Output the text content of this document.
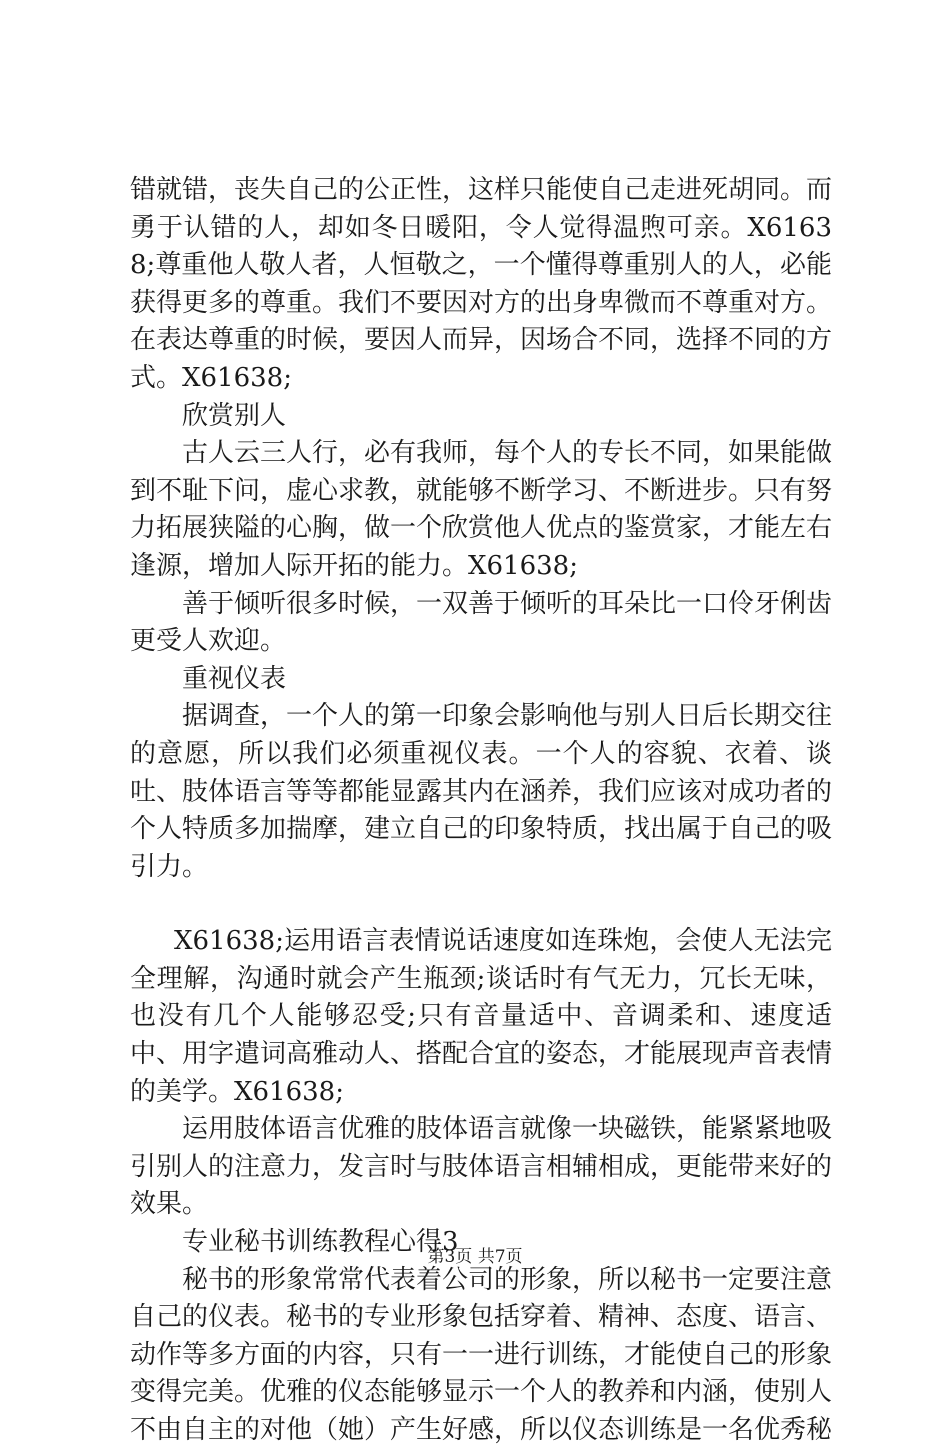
错就错，丧失自己的公正性，这样只能使自己走进死胡同。而勇于认错的人，却如冬日暖阳，令人觉得温煦可亲。X61638;尊重他人敬人者，人恒敬之，一个懂得尊重别人的人，必能获得更多的尊重。我们不要因对方的出身卑微而不尊重对方。在表达尊重的时候，要因人而异，因场合不同，选择不同的方式。X61638;

欣赏别人

古人云三人行，必有我师，每个人的专长不同，如果能做到不耻下问，虚心求教，就能够不断学习、不断进步。只有努力拓展狭隘的心胸，做一个欣赏他人优点的鉴赏家，才能左右逢源，增加人际开拓的能力。X61638;

善于倾听很多时候，一双善于倾听的耳朵比一口伶牙俐齿更受人欢迎。

重视仪表

据调查，一个人的第一印象会影响他与别人日后长期交往的意愿，所以我们必须重视仪表。一个人的容貌、衣着、谈吐、肢体语言等等都能显露其内在涵养，我们应该对成功者的个人特质多加揣摩，建立自己的印象特质，找出属于自己的吸引力。

X61638;运用语言表情说话速度如连珠炮，会使人无法完全理解，沟通时就会产生瓶颈;谈话时有气无力，冗长无味，也没有几个人能够忍受;只有音量适中、音调柔和、速度适中、用字遣词高雅动人、搭配合宜的姿态，才能展现声音表情的美学。X61638;

运用肢体语言优雅的肢体语言就像一块磁铁，能紧紧地吸引别人的注意力，发言时与肢体语言相辅相成，更能带来好的效果。

专业秘书训练教程心得3

秘书的形象常常代表着公司的形象，所以秘书一定要注意自己的仪表。秘书的专业形象包括穿着、精神、态度、语言、动作等多方面的内容，只有一一进行训练，才能使自己的形象变得完美。优雅的仪态能够显示一个人的教养和内涵，使别人不由自主的对他（她）产生好感，所以仪态训练是一名优秀秘

第3页 共7页
